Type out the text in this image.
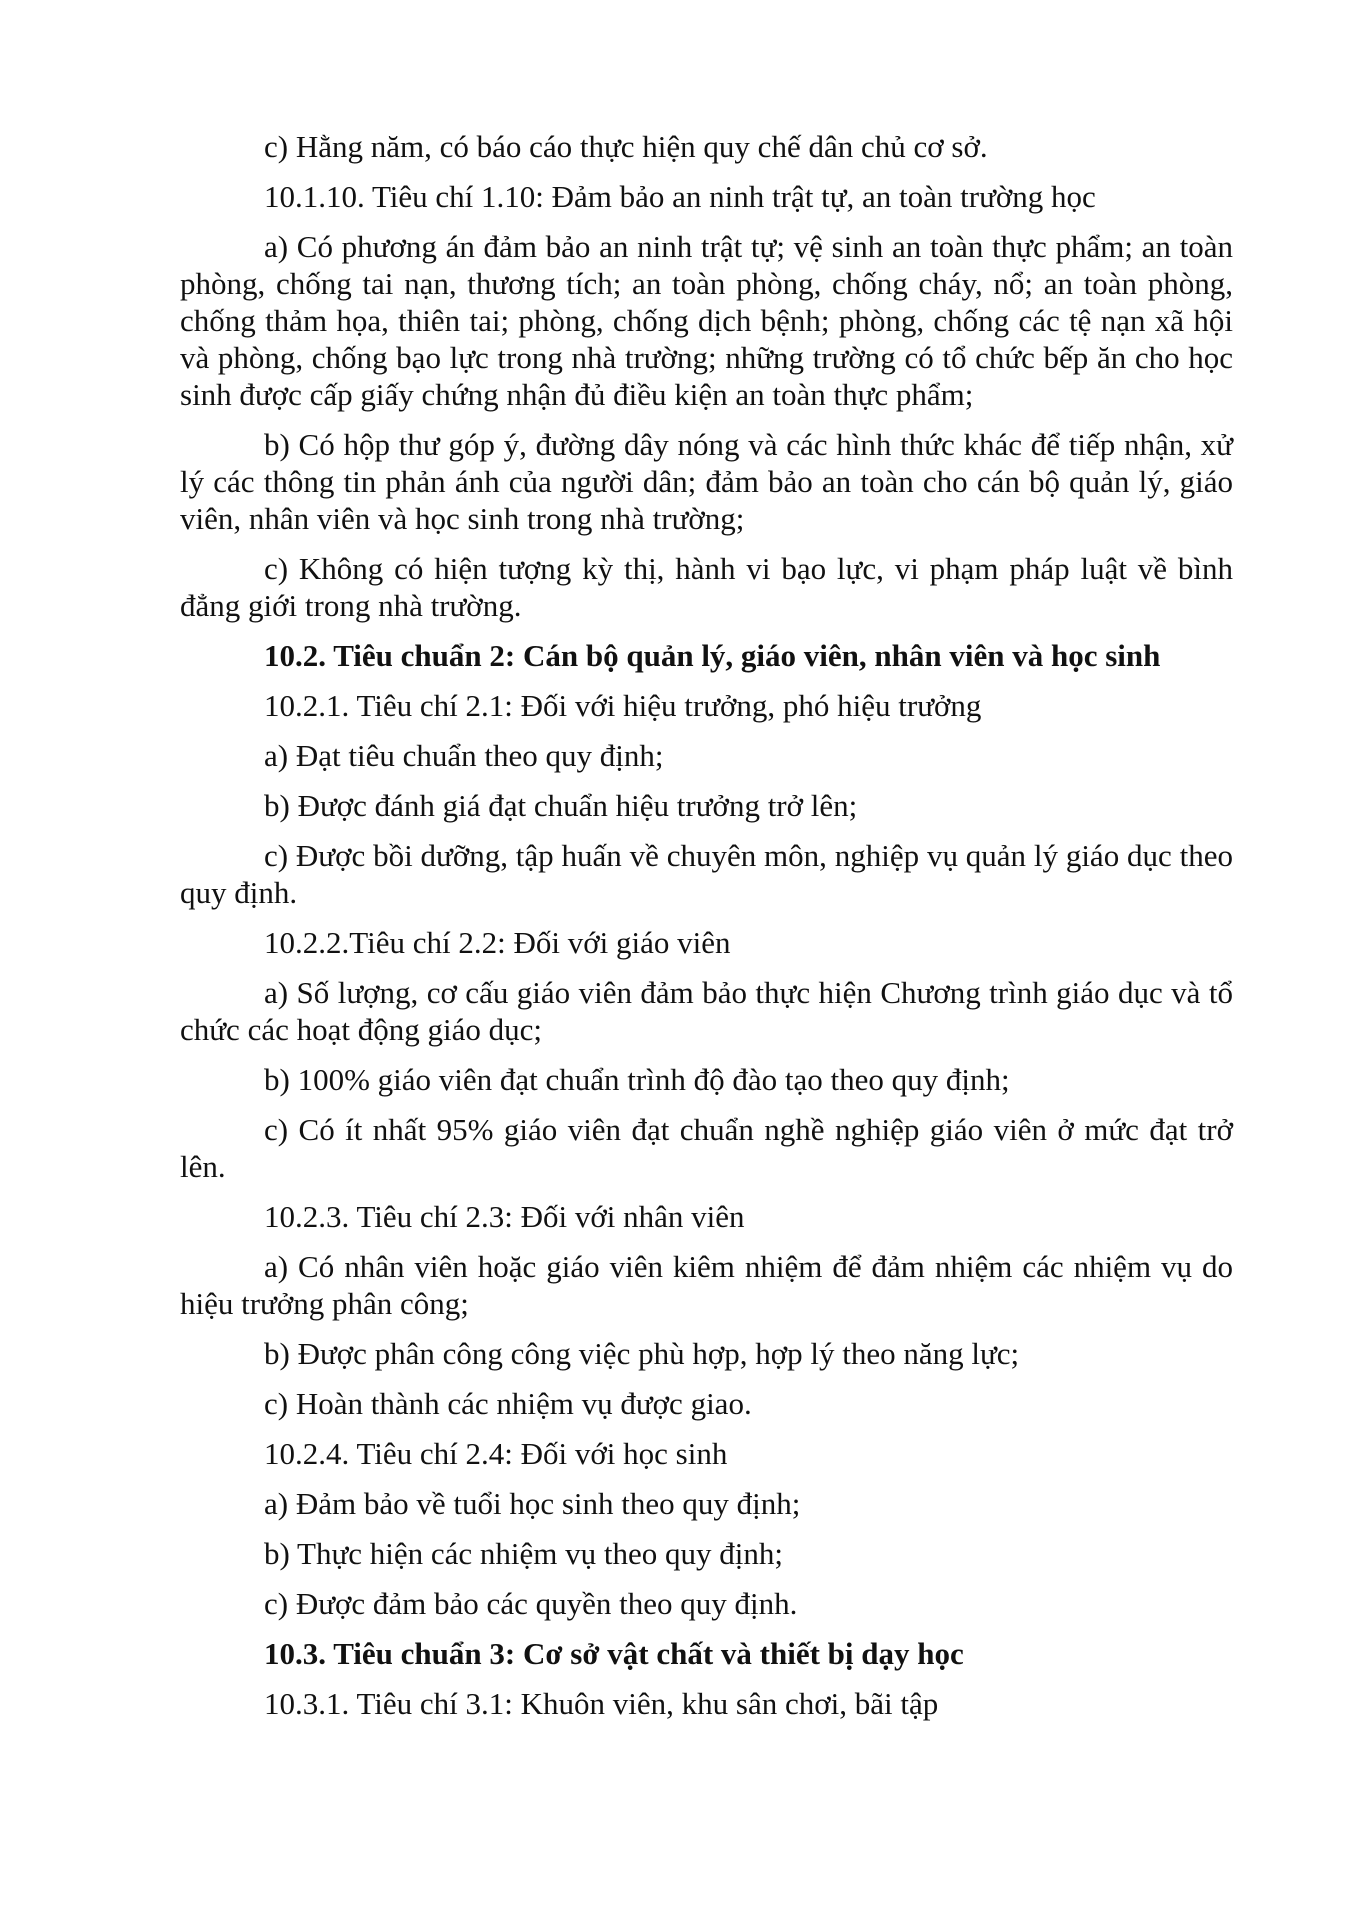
c) Hằng năm, có báo cáo thực hiện quy chế dân chủ cơ sở.

10.1.10. Tiêu chí 1.10: Đảm bảo an ninh trật tự, an toàn trường học

a) Có phương án đảm bảo an ninh trật tự; vệ sinh an toàn thực phẩm; an toàn phòng, chống tai nạn, thương tích; an toàn phòng, chống cháy, nổ; an toàn phòng, chống thảm họa, thiên tai; phòng, chống dịch bệnh; phòng, chống các tệ nạn xã hội và phòng, chống bạo lực trong nhà trường; những trường có tổ chức bếp ăn cho học sinh được cấp giấy chứng nhận đủ điều kiện an toàn thực phẩm;

b) Có hộp thư góp ý, đường dây nóng và các hình thức khác để tiếp nhận, xử lý các thông tin phản ánh của người dân; đảm bảo an toàn cho cán bộ quản lý, giáo viên, nhân viên và học sinh trong nhà trường;

c) Không có hiện tượng kỳ thị, hành vi bạo lực, vi phạm pháp luật về bình đẳng giới trong nhà trường.

10.2. Tiêu chuẩn 2: Cán bộ quản lý, giáo viên, nhân viên và học sinh

10.2.1. Tiêu chí 2.1: Đối với hiệu trưởng, phó hiệu trưởng

a) Đạt tiêu chuẩn theo quy định;

b) Được đánh giá đạt chuẩn hiệu trưởng trở lên;

c) Được bồi dưỡng, tập huấn về chuyên môn, nghiệp vụ quản lý giáo dục theo quy định.

10.2.2.Tiêu chí 2.2: Đối với giáo viên

a) Số lượng, cơ cấu giáo viên đảm bảo thực hiện Chương trình giáo dục và tổ chức các hoạt động giáo dục;

b) 100% giáo viên đạt chuẩn trình độ đào tạo theo quy định;

c) Có ít nhất 95% giáo viên đạt chuẩn nghề nghiệp giáo viên ở mức đạt trở lên.

10.2.3. Tiêu chí 2.3: Đối với nhân viên

a) Có nhân viên hoặc giáo viên kiêm nhiệm để đảm nhiệm các nhiệm vụ do hiệu trưởng phân công;

b) Được phân công công việc phù hợp, hợp lý theo năng lực;

c) Hoàn thành các nhiệm vụ được giao.

10.2.4. Tiêu chí 2.4: Đối với học sinh

a) Đảm bảo về tuổi học sinh theo quy định;

b) Thực hiện các nhiệm vụ theo quy định;

c) Được đảm bảo các quyền theo quy định.

10.3. Tiêu chuẩn 3: Cơ sở vật chất và thiết bị dạy học

10.3.1. Tiêu chí 3.1: Khuôn viên, khu sân chơi, bãi tập
